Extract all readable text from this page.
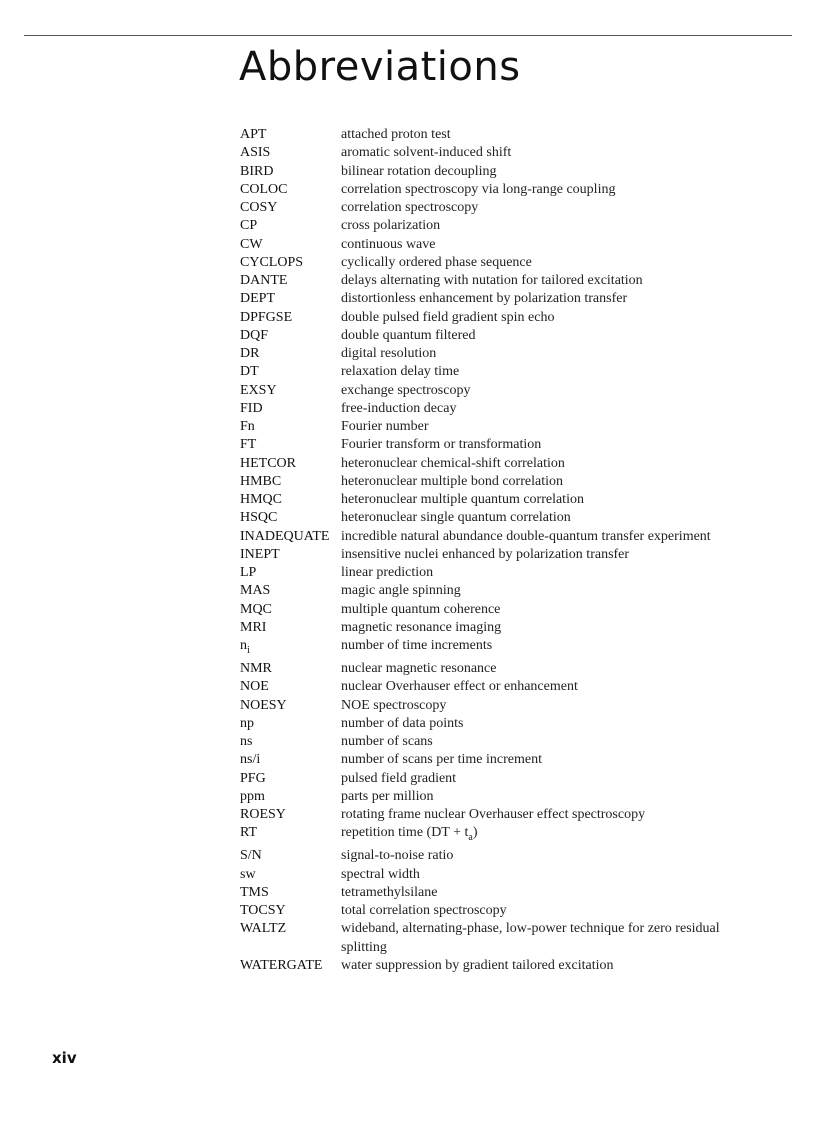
Abbreviations
APT	attached proton test
ASIS	aromatic solvent-induced shift
BIRD	bilinear rotation decoupling
COLOC	correlation spectroscopy via long-range coupling
COSY	correlation spectroscopy
CP	cross polarization
CW	continuous wave
CYCLOPS	cyclically ordered phase sequence
DANTE	delays alternating with nutation for tailored excitation
DEPT	distortionless enhancement by polarization transfer
DPFGSE	double pulsed field gradient spin echo
DQF	double quantum filtered
DR	digital resolution
DT	relaxation delay time
EXSY	exchange spectroscopy
FID	free-induction decay
Fn	Fourier number
FT	Fourier transform or transformation
HETCOR	heteronuclear chemical-shift correlation
HMBC	heteronuclear multiple bond correlation
HMQC	heteronuclear multiple quantum correlation
HSQC	heteronuclear single quantum correlation
INADEQUATE incredible natural abundance double-quantum transfer experiment
INEPT	insensitive nuclei enhanced by polarization transfer
LP	linear prediction
MAS	magic angle spinning
MQC	multiple quantum coherence
MRI	magnetic resonance imaging
$n_i$	number of time increments
NMR	nuclear magnetic resonance
NOE	nuclear Overhauser effect or enhancement
NOESY	NOE spectroscopy
np	number of data points
ns	number of scans
ns/i	number of scans per time increment
PFG	pulsed field gradient
ppm	parts per million
ROESY	rotating frame nuclear Overhauser effect spectroscopy
RT	repetition time $(DT + t_a)$
S/N	signal-to-noise ratio
sw	spectral width
TMS	tetramethylsilane
TOCSY	total correlation spectroscopy
WALTZ	wideband, alternating-phase, low-power technique for zero residual splitting
WATERGATE	water suppression by gradient tailored excitation
xiv
